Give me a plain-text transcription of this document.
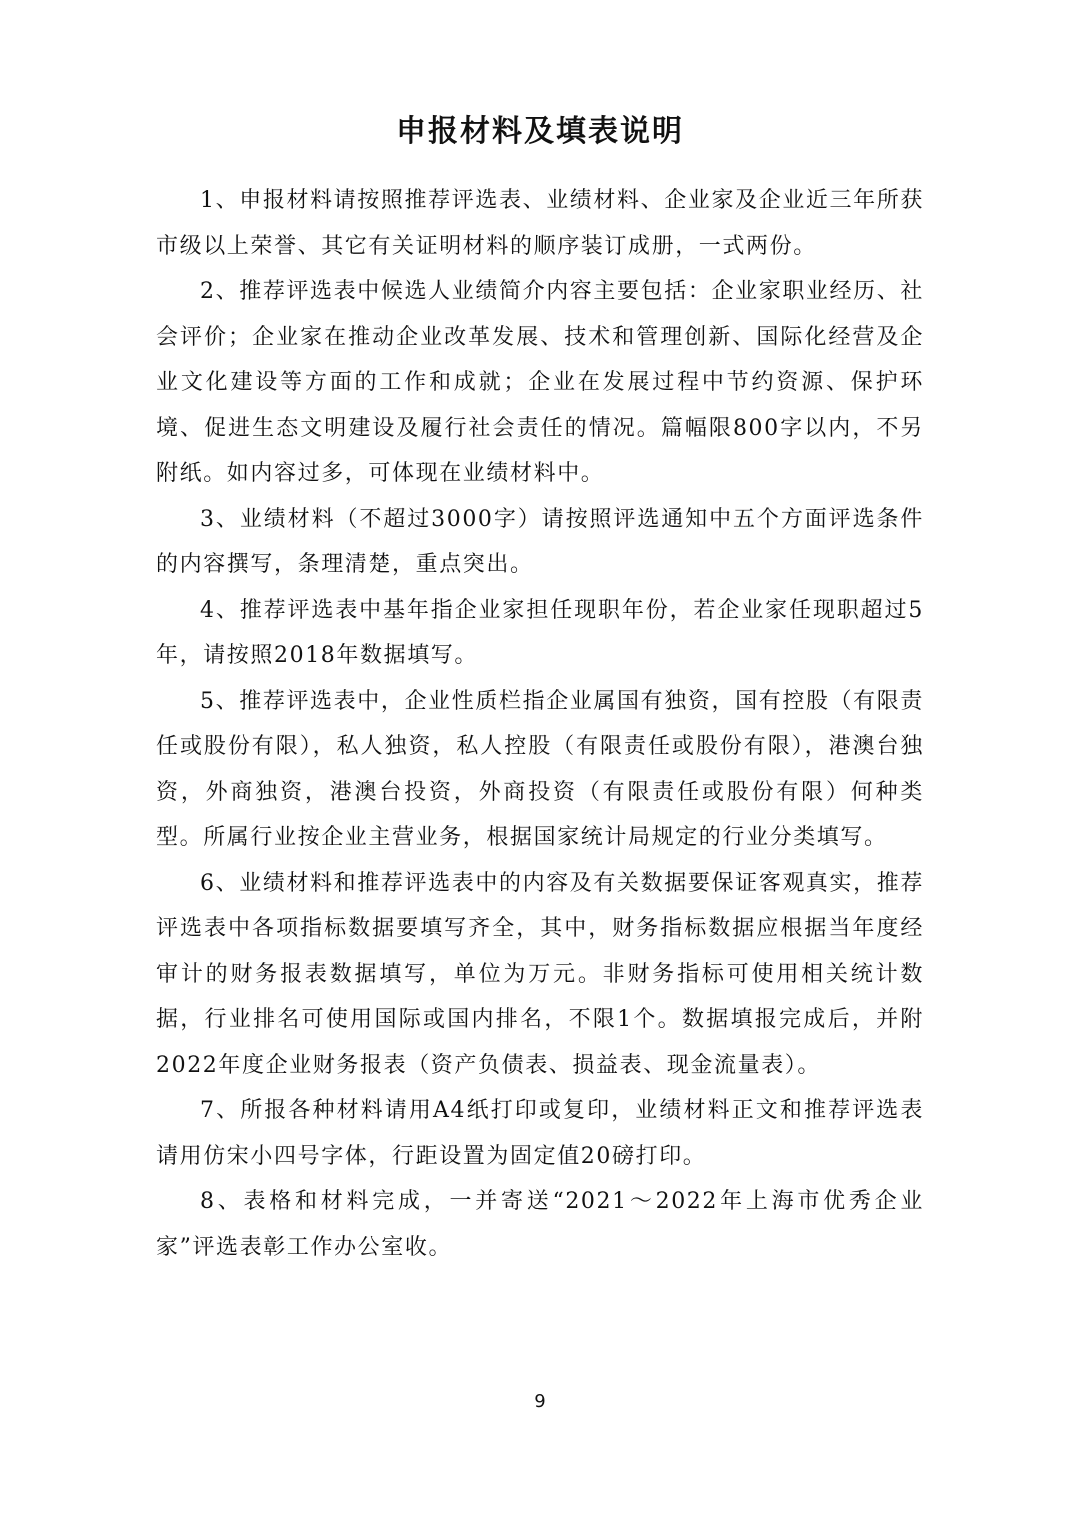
申报材料及填表说明

1、申报材料请按照推荐评选表、业绩材料、企业家及企业近三年所获市级以上荣誉、其它有关证明材料的顺序装订成册，一式两份。

2、推荐评选表中候选人业绩简介内容主要包括：企业家职业经历、社会评价；企业家在推动企业改革发展、技术和管理创新、国际化经营及企业文化建设等方面的工作和成就；企业在发展过程中节约资源、保护环境、促进生态文明建设及履行社会责任的情况。篇幅限800字以内，不另附纸。如内容过多，可体现在业绩材料中。

3、业绩材料（不超过3000字）请按照评选通知中五个方面评选条件的内容撰写，条理清楚，重点突出。

4、推荐评选表中基年指企业家担任现职年份，若企业家任现职超过5年，请按照2018年数据填写。

5、推荐评选表中，企业性质栏指企业属国有独资，国有控股（有限责任或股份有限），私人独资，私人控股（有限责任或股份有限），港澳台独资，外商独资，港澳台投资，外商投资（有限责任或股份有限）何种类型。所属行业按企业主营业务，根据国家统计局规定的行业分类填写。

6、业绩材料和推荐评选表中的内容及有关数据要保证客观真实，推荐评选表中各项指标数据要填写齐全，其中，财务指标数据应根据当年度经审计的财务报表数据填写，单位为万元。非财务指标可使用相关统计数据，行业排名可使用国际或国内排名，不限1个。数据填报完成后，并附2022年度企业财务报表（资产负债表、损益表、现金流量表）。

7、所报各种材料请用A4纸打印或复印，业绩材料正文和推荐评选表请用仿宋小四号字体，行距设置为固定值20磅打印。

8、表格和材料完成，一并寄送“2021～2022年上海市优秀企业家”评选表彰工作办公室收。

9
